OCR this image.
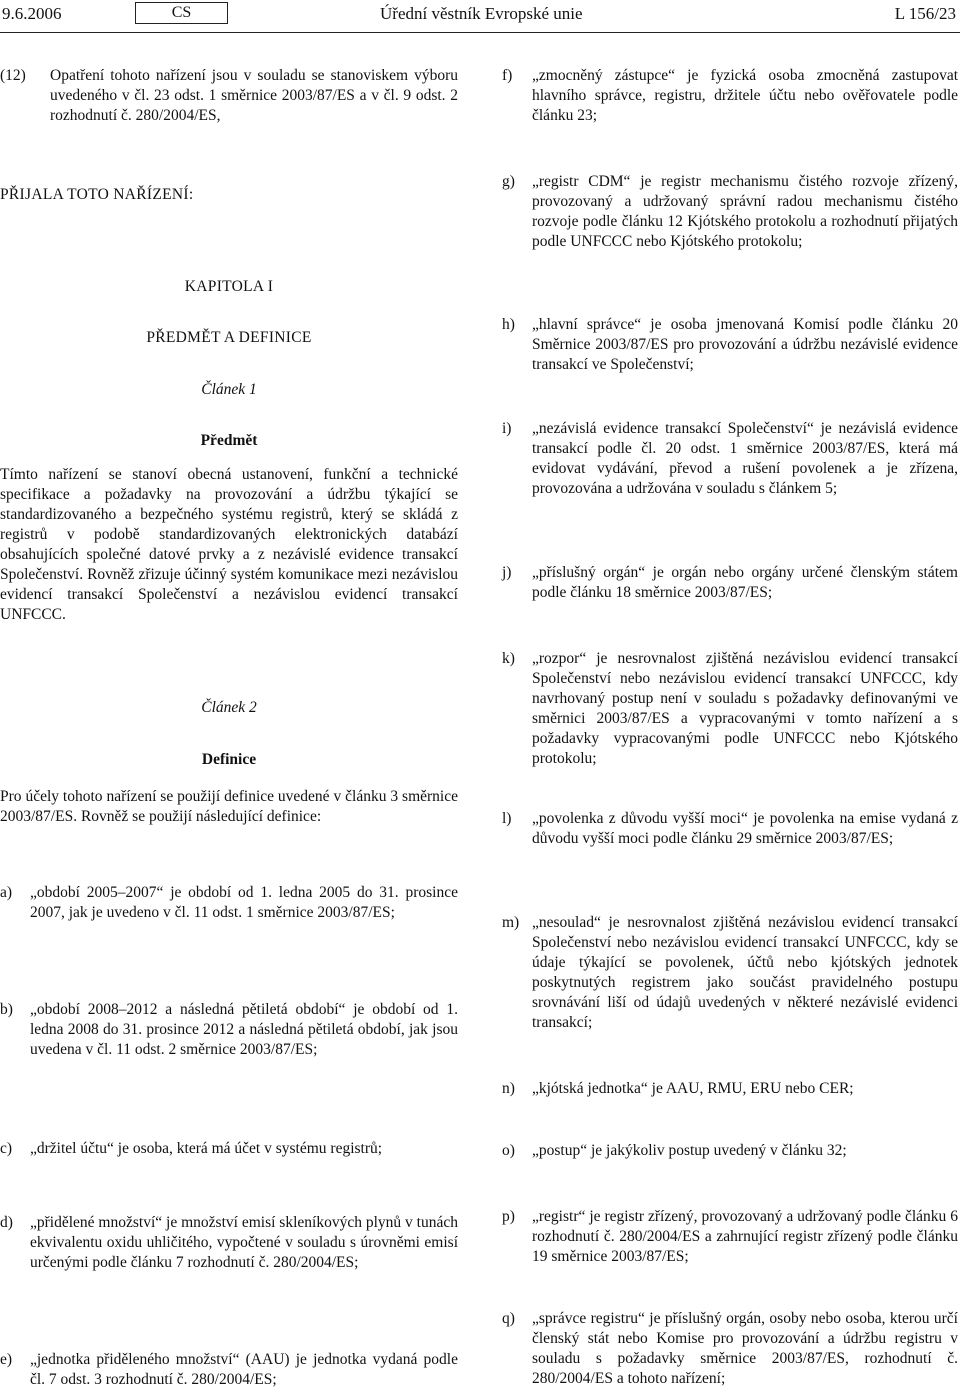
9.6.2006	CS	Úřední věstník Evropské unie	L 156/23
(12)	Opatření tohoto nařízení jsou v souladu se stanoviskem výboru uvedeného v čl. 23 odst. 1 směrnice 2003/87/ES a v čl. 9 odst. 2 rozhodnutí č. 280/2004/ES,
PŘIJALA TOTO NAŘÍZENÍ:
KAPITOLA I
PŘEDMĚT A DEFINICE
Článek 1
Předmět
Tímto nařízení se stanoví obecná ustanovení, funkční a technické specifikace a požadavky na provozování a údržbu týkající se standardizovaného a bezpečného systému registrů, který se skládá z registrů v podobě standardizovaných elektronických databází obsahujících společné datové prvky a z nezávislé evidence transakcí Společenství. Rovněž zřizuje účinný systém komunikace mezi nezávislou evidencí transakcí Společenství a nezávislou evidencí transakcí UNFCCC.
Článek 2
Definice
Pro účely tohoto nařízení se použijí definice uvedené v článku 3 směrnice 2003/87/ES. Rovněž se použijí následující definice:
a)	„období 2005–2007“ je období od 1. ledna 2005 do 31. prosince 2007, jak je uvedeno v čl. 11 odst. 1 směrnice 2003/87/ES;
b)	„období 2008–2012 a následná pětiletá období“ je období od 1. ledna 2008 do 31. prosince 2012 a následná pětiletá období, jak jsou uvedena v čl. 11 odst. 2 směrnice 2003/87/ES;
c)	„držitel účtu“ je osoba, která má účet v systému registrů;
d)	„přidělené množství“ je množství emisí skleníkových plynů v tunách ekvivalentu oxidu uhličitého, vypočtené v souladu s úrovněmi emisí určenými podle článku 7 rozhodnutí č. 280/2004/ES;
e)	„jednotka přiděleného množství“ (AAU) je jednotka vydaná podle čl. 7 odst. 3 rozhodnutí č. 280/2004/ES;
f)	„zmocněný zástupce“ je fyzická osoba zmocněná zastupovat hlavního správce, registru, držitele účtu nebo ověřovatele podle článku 23;
g)	„registr CDM“ je registr mechanismu čistého rozvoje zřízený, provozovaný a udržovaný správní radou mechanismu čistého rozvoje podle článku 12 Kjótského protokolu a rozhodnutí přijatých podle UNFCCC nebo Kjótského protokolu;
h)	„hlavní správce“ je osoba jmenovaná Komisí podle článku 20 Směrnice 2003/87/ES pro provozování a údržbu nezávislé evidence transakcí ve Společenství;
i)	„nezávislá evidence transakcí Společenství“ je nezávislá evidence transakcí podle čl. 20 odst. 1 směrnice 2003/87/ES, která má evidovat vydávání, převod a rušení povolenek a je zřízena, provozována a udržována v souladu s článkem 5;
j)	„příslušný orgán“ je orgán nebo orgány určené členským státem podle článku 18 směrnice 2003/87/ES;
k)	„rozpor“ je nesrovnalost zjištěná nezávislou evidencí transakcí Společenství nebo nezávislou evidencí transakcí UNFCCC, kdy navrhovaný postup není v souladu s požadavky definovanými ve směrnici 2003/87/ES a vypracovanými v tomto nařízení a s požadavky vypracovanými podle UNFCCC nebo Kjótského protokolu;
l)	„povolenka z důvodu vyšší moci“ je povolenka na emise vydaná z důvodu vyšší moci podle článku 29 směrnice 2003/87/ES;
m) „nesoulad“ je nesrovnalost zjištěná nezávislou evidencí transakcí Společenství nebo nezávislou evidencí transakcí UNFCCC, kdy se údaje týkající se povolenek, účtů nebo kjótských jednotek poskytnutých registrem jako součást pravidelného postupu srovnávání liší od údajů uvedených v některé nezávislé evidenci transakcí;
n)	„kjótská jednotka“ je AAU, RMU, ERU nebo CER;
o)	„postup“ je jakýkoliv postup uvedený v článku 32;
p)	„registr“ je registr zřízený, provozovaný a udržovaný podle článku 6 rozhodnutí č. 280/2004/ES a zahrnující registr zřízený podle článku 19 směrnice 2003/87/ES;
q)	„správce registru“ je příslušný orgán, osoby nebo osoba, kterou určí členský stát nebo Komise pro provozování a údržbu registru v souladu s požadavky směrnice 2003/87/ES, rozhodnutí č. 280/2004/ES a tohoto nařízení;
